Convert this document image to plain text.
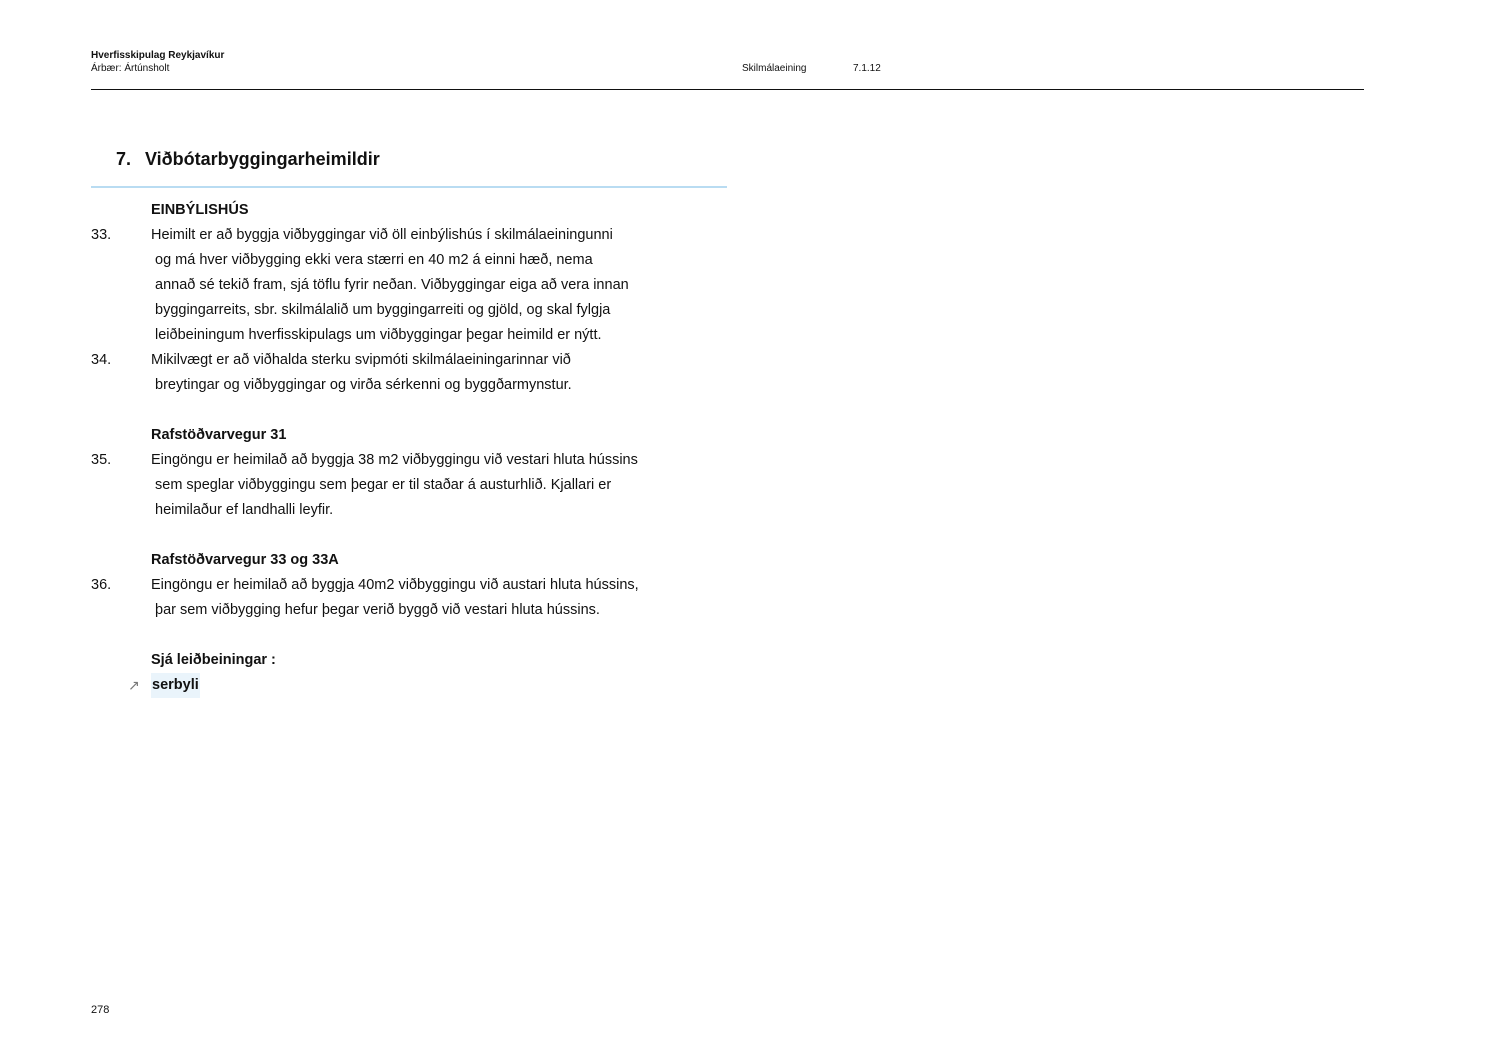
Hverfisskipulag Reykjavíkur
Árbær: Ártúnsholt	Skilmálaeining	7.1.12
7. Viðbótarbyggingarheimildir
EINBÝLISHÚS
33.	Heimilt er að byggja viðbyggingar við öll einbýlishús í skilmálaeiningunni
og má hver viðbygging ekki vera stærri en 40 m2 á einni hæð, nema
annað sé tekið fram, sjá töflu fyrir neðan. Viðbyggingar eiga að vera innan
byggingarreits, sbr. skilmálalið um byggingarreiti og gjöld, og skal fylgja
leiðbeiningum hverfisskipulags um viðbyggingar þegar heimild er nýtt.
34.	Mikilvægt er að viðhalda sterku svipmóti skilmálaeiningarinnar við
breytingar og viðbyggingar og virða sérkenni og byggðarmynstur.
Rafstöðvarvegur 31
35.	Eingöngu er heimilað að byggja 38 m2 viðbyggingu við vestari hluta hússins
sem speglar viðbyggingu sem þegar er til staðar á austurhlið. Kjallari er
heimilaður ef landhalli leyfir.
Rafstöðvarvegur 33 og 33A
36.	Eingöngu er heimilað að byggja 40m2 viðbyggingu við austari hluta hússins,
þar sem viðbygging hefur þegar verið byggð við vestari hluta hússins.
Sjá leiðbeiningar :
↗ serbyli
278
